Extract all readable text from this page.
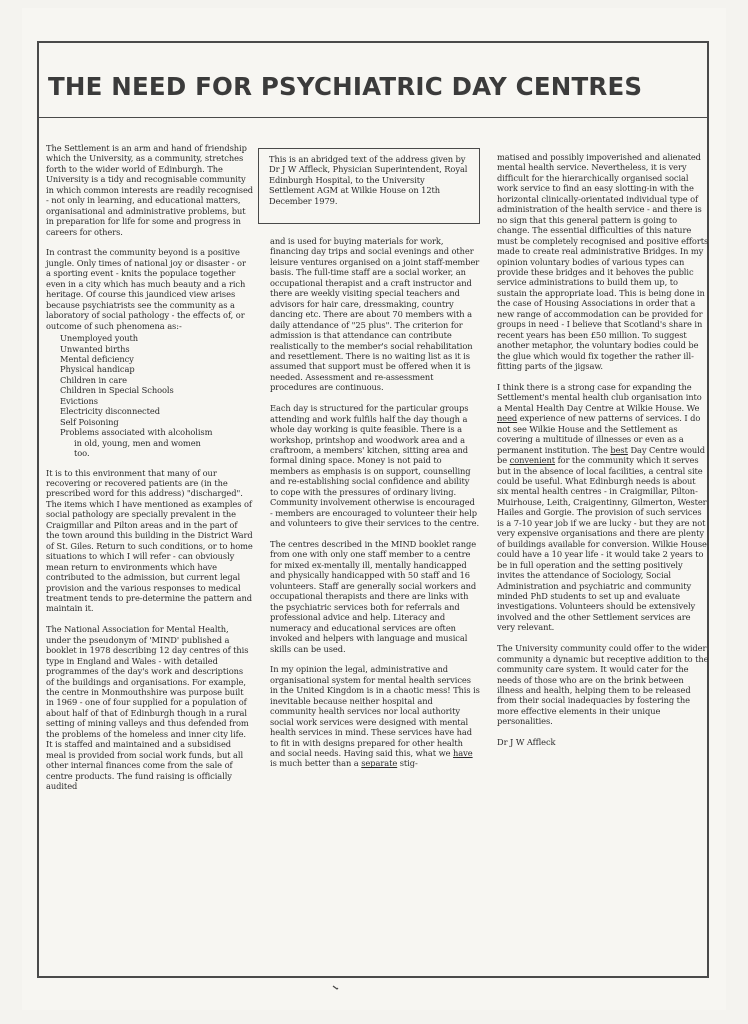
THE NEED FOR PSYCHIATRIC DAY CENTRES
This is an abridged text of the address given by Dr J W Affleck, Physician Superintendent, Royal Edinburgh Hospital, to the University Settlement AGM at Wilkie House on 12th December 1979.

The Settlement is an arm and hand of friendship which the University, as a community, stretches forth to the wider world of Edinburgh. The University is a tidy and recognisable community in which common interests are readily recognised - not only in learning, and educational matters, organisational and administrative problems, but in preparation for life for some and progress in careers for others.

In contrast the community beyond is a positive jungle. Only times of national joy or disaster - or a sporting event - knits the populace together even in a city which has much beauty and a rich heritage. Of course this jaundiced view arises because psychiatrists see the community as a laboratory of social pathology - the effects of, or outcome of such phenomena as:-

Unemployed youth
Unwanted births
Mental deficiency
Physical handicap
Children in care
Children in Special Schools
Evictions
Electricity disconnected
Self Poisoning
Problems associated with alcoholism in old, young, men and women too.

It is to this environment that many of our recovering or recovered patients are (in the prescribed word for this address) "discharged". The items which I have mentioned as examples of social pathology are specially prevalent in the Craigmillar and Pilton areas and in the part of the town around this building in the District Ward of St. Giles. Return to such conditions, or to home situations to which I will refer - can obviously mean return to environments which have contributed to the admission, but current legal provision and the various responses to medical treatment tends to pre-determine the pattern and maintain it.

The National Association for Mental Health, under the pseudonym of 'MIND' published a booklet in 1978 describing 12 day centres of this type in England and Wales - with detailed programmes of the day's work and descriptions of the buildings and organisations. For example, the centre in Monmouthshire was purpose built in 1969 - one of four supplied for a population of about half of that of Edinburgh though in a rural setting of mining valleys and thus defended from the problems of the homeless and inner city life. It is staffed and maintained and a subsidised meal is provided from social work funds, but all other internal finances come from the sale of centre products. The fund raising is officially audited

and is used for buying materials for work, financing day trips and social evenings and other leisure ventures organised on a joint staff-member basis. The full-time staff are a social worker, an occupational therapist and a craft instructor and there are weekly visiting special teachers and advisors for hair care, dressmaking, country dancing etc. There are about 70 members with a daily attendance of "25 plus". The criterion for admission is that attendance can contribute realistically to the member's social rehabilitation and resettlement. There is no waiting list as it is assumed that support must be offered when it is needed. Assessment and re-assessment procedures are continuous.

Each day is structured for the particular groups attending and work fulfils half the day though a whole day working is quite feasible. There is a workshop, printshop and woodwork area and a craftroom, a members' kitchen, sitting area and formal dining space. Money is not paid to members as emphasis is on support, counselling and re-establishing social confidence and ability to cope with the pressures of ordinary living. Community involvement otherwise is encouraged - members are encouraged to volunteer their help and volunteers to give their services to the centre.

The centres described in the MIND booklet range from one with only one staff member to a centre for mixed ex-mentally ill, mentally handicapped and physically handicapped with 50 staff and 16 volunteers. Staff are generally social workers and occupational therapists and there are links with the psychiatric services both for referrals and professional advice and help. Literacy and numeracy and educational services are often invoked and helpers with language and musical skills can be used.

In my opinion the legal, administrative and organisational system for mental health services in the United Kingdom is in a chaotic mess! This is inevitable because neither hospital and community health services nor local authority social work services were designed with mental health services in mind. These services have had to fit in with designs prepared for other health and social needs. Having said this, what we have is much better than a separate stig-

matised and possibly impoverished and alienated mental health service. Nevertheless, it is very difficult for the hierarchically organised social work service to find an easy slotting-in with the horizontal clinically-orientated individual type of administration of the health service - and there is no sign that this general pattern is going to change. The essential difficulties of this nature must be completely recognised and positive efforts made to create real administrative Bridges. In my opinion voluntary bodies of various types can provide these bridges and it behoves the public service administrations to build them up, to sustain the appropriate load. This is being done in the case of Housing Associations in order that a new range of accommodation can be provided for groups in need - I believe that Scotland's share in recent years has been £50 million. To suggest another metaphor, the voluntary bodies could be the glue which would fix together the rather ill-fitting parts of the jigsaw.

I think there is a strong case for expanding the Settlement's mental health club organisation into a Mental Health Day Centre at Wilkie House. We need experience of new patterns of services. I do not see Wilkie House and the Settlement as covering a multitude of illnesses or even as a permanent institution. The best Day Centre would be convenient for the community which it serves but in the absence of local facilities, a central site could be useful. What Edinburgh needs is about six mental health centres - in Craigmillar, Pilton-Muirhouse, Leith, Craigentinny, Gilmerton, Wester Hailes and Gorgie. The provision of such services is a 7-10 year job if we are lucky - but they are not very expensive organisations and there are plenty of buildings available for conversion. Wilkie House could have a 10 year life - it would take 2 years to be in full operation and the setting positively invites the attendance of Sociology, Social Administration and psychiatric and community minded PhD students to set up and evaluate investigations. Volunteers should be extensively involved and the other Settlement services are very relevant.

The University community could offer to the wider community a dynamic but receptive addition to the community care system. It would cater for the needs of those who are on the brink between illness and health, helping them to be released from their social inadequacies by fostering the more effective elements in their unique personalities.

Dr J W Affleck
